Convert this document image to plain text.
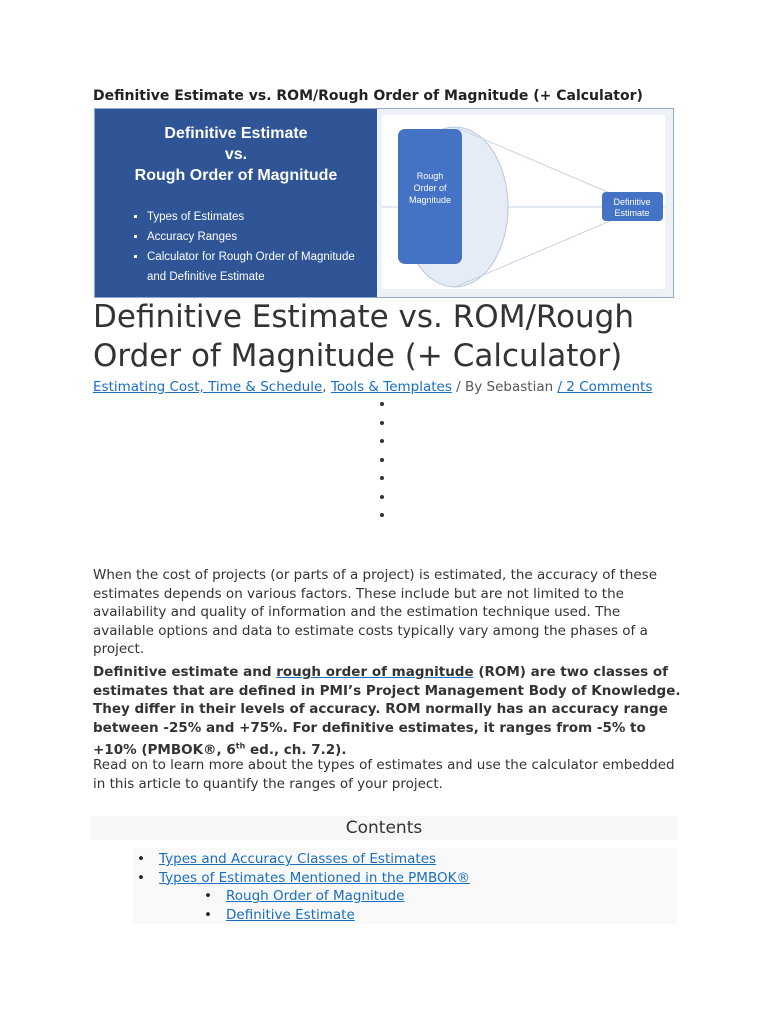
Definitive Estimate vs. ROM/Rough Order of Magnitude (+ Calculator)
Definitive Estimate
vs.
Rough Order of Magnitude
▪ Types of Estimates
▪ Accuracy Ranges
▪ Calculator for Rough Order of Magnitude
and Definitive Estimate
Rough
Order of
Magnitude	Definitive
Estimate
Definitive Estimate vs. ROM/Rough Order of Magnitude (+ Calculator)
Estimating Cost, Time & Schedule, Tools & Templates / By Sebastian / 2 Comments

When the cost of projects (or parts of a project) is estimated, the accuracy of these estimates depends on various factors. These include but are not limited to the availability and quality of information and the estimation technique used. The available options and data to estimate costs typically vary among the phases of a project.

Definitive estimate and rough order of magnitude (ROM) are two classes of estimates that are defined in PMI’s Project Management Body of Knowledge. They differ in their levels of accuracy. ROM normally has an accuracy range between -25% and +75%. For definitive estimates, it ranges from -5% to +10% (PMBOK®, 6th ed., ch. 7.2).

Read on to learn more about the types of estimates and use the calculator embedded in this article to quantify the ranges of your project.

Contents
• Types and Accuracy Classes of Estimates
• Types of Estimates Mentioned in the PMBOK®
• Rough Order of Magnitude
• Definitive Estimate
